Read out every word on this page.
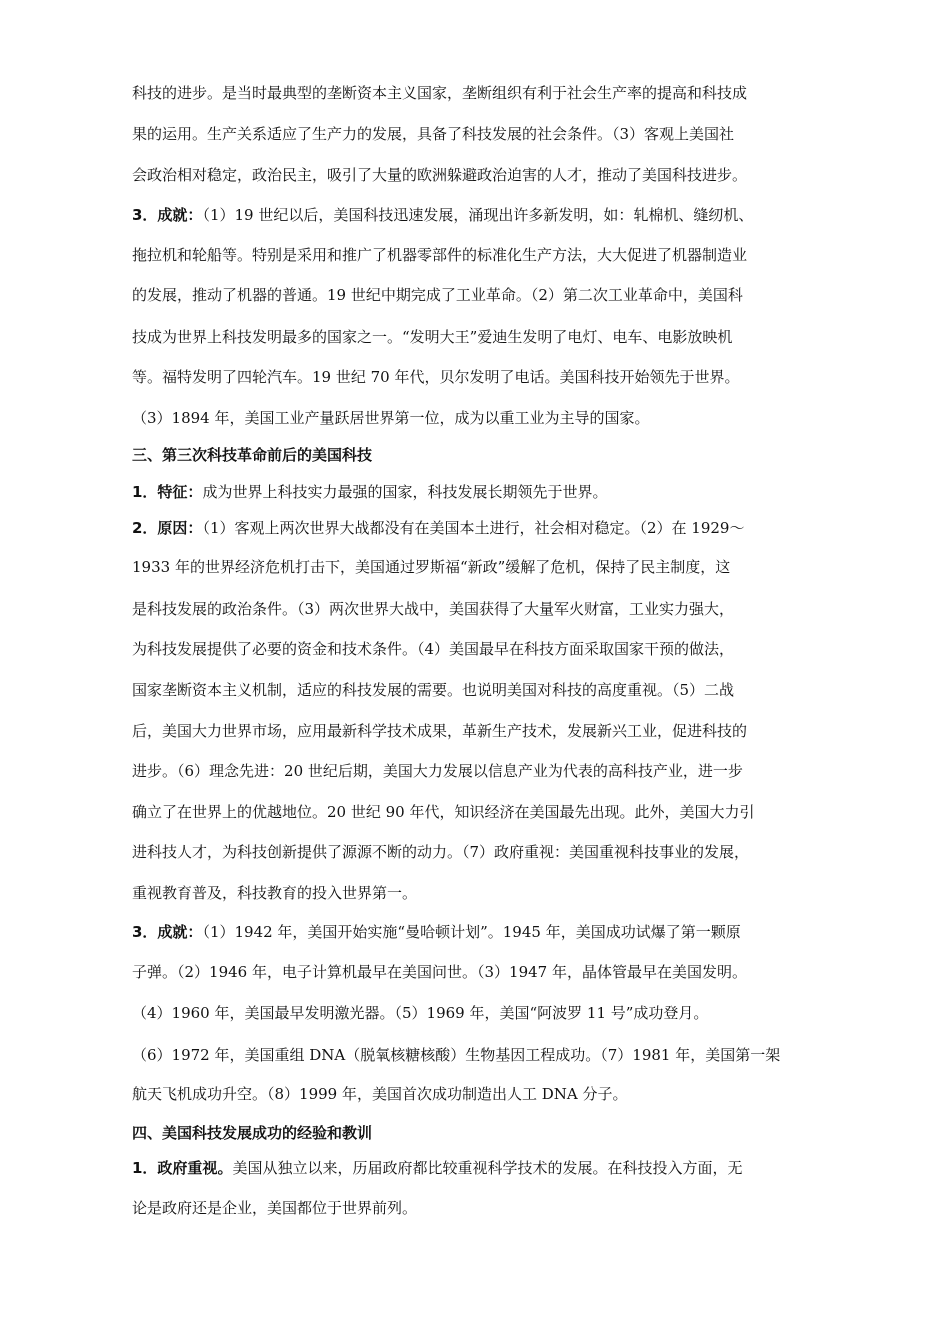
科技的进步。是当时最典型的垄断资本主义国家，垄断组织有利于社会生产率的提高和科技成
果的运用。生产关系适应了生产力的发展，具备了科技发展的社会条件。（3）客观上美国社
会政治相对稳定，政治民主，吸引了大量的欧洲躲避政治迫害的人才，推动了美国科技进步。
3．成就：（1）19 世纪以后，美国科技迅速发展，涌现出许多新发明，如：轧棉机、缝纫机、
拖拉机和轮船等。特别是采用和推广了机器零部件的标准化生产方法，大大促进了机器制造业
的发展，推动了机器的普通。19 世纪中期完成了工业革命。（2）第二次工业革命中，美国科
技成为世界上科技发明最多的国家之一。“发明大王”爱迪生发明了电灯、电车、电影放映机
等。福特发明了四轮汽车。19 世纪 70 年代，贝尔发明了电话。美国科技开始领先于世界。
（3）1894 年，美国工业产量跃居世界第一位，成为以重工业为主导的国家。
三、第三次科技革命前后的美国科技
1．特征：成为世界上科技实力最强的国家，科技发展长期领先于世界。
2．原因：（1）客观上两次世界大战都没有在美国本土进行，社会相对稳定。（2）在 1929～
1933 年的世界经济危机打击下，美国通过罗斯福“新政”缓解了危机，保持了民主制度，这
是科技发展的政治条件。（3）两次世界大战中，美国获得了大量军火财富，工业实力强大，
为科技发展提供了必要的资金和技术条件。（4）美国最早在科技方面采取国家干预的做法，
国家垄断资本主义机制，适应的科技发展的需要。也说明美国对科技的高度重视。（5）二战
后，美国大力世界市场，应用最新科学技术成果，革新生产技术，发展新兴工业，促进科技的
进步。（6）理念先进：20 世纪后期，美国大力发展以信息产业为代表的高科技产业，进一步
确立了在世界上的优越地位。20 世纪 90 年代，知识经济在美国最先出现。此外，美国大力引
进科技人才，为科技创新提供了源源不断的动力。（7）政府重视：美国重视科技事业的发展，
重视教育普及，科技教育的投入世界第一。
3．成就：（1）1942 年，美国开始实施“曼哈顿计划”。1945 年，美国成功试爆了第一颗原
子弹。（2）1946 年，电子计算机最早在美国问世。（3）1947 年，晶体管最早在美国发明。
（4）1960 年，美国最早发明激光器。（5）1969 年，美国“阿波罗 11 号”成功登月。
（6）1972 年，美国重组 DNA（脱氧核糖核酸）生物基因工程成功。（7）1981 年，美国第一架
航天飞机成功升空。（8）1999 年，美国首次成功制造出人工 DNA 分子。
四、美国科技发展成功的经验和教训
1．政府重视。美国从独立以来，历届政府都比较重视科学技术的发展。在科技投入方面，无
论是政府还是企业，美国都位于世界前列。
